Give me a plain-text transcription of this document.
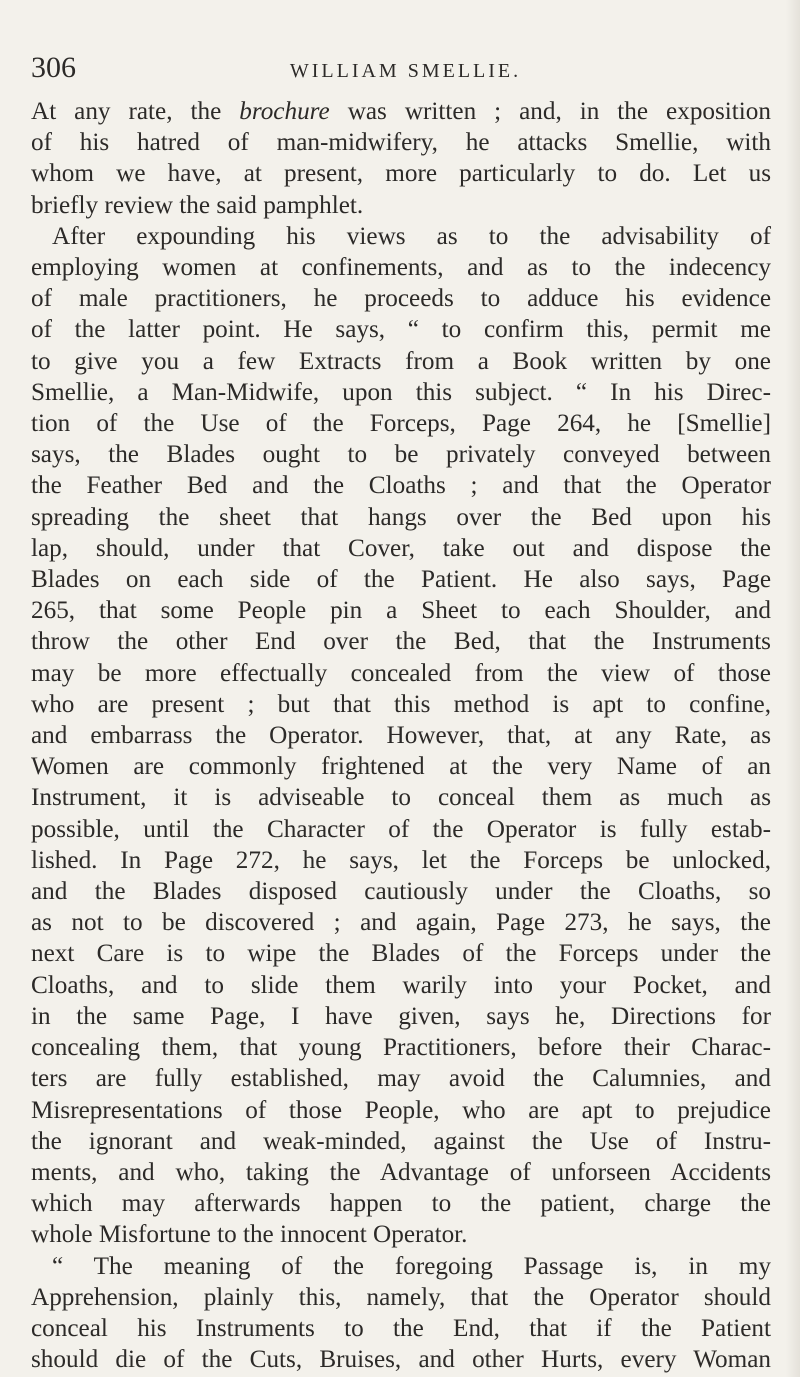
306	WILLIAM SMELLIE.
At any rate, the brochure was written ; and, in the exposition
of his hatred of man-midwifery, he attacks Smellie, with
whom we have, at present, more particularly to do. Let us
briefly review the said pamphlet.
After expounding his views as to the advisability of
employing women at confinements, and as to the indecency
of male practitioners, he proceeds to adduce his evidence
of the latter point. He says, “ to confirm this, permit me
to give you a few Extracts from a Book written by one
Smellie, a Man-Midwife, upon this subject. “ In his Direc-
tion of the Use of the Forceps, Page 264, he [Smellie]
says, the Blades ought to be privately conveyed between
the Feather Bed and the Cloaths ; and that the Operator
spreading the sheet that hangs over the Bed upon his
lap, should, under that Cover, take out and dispose the
Blades on each side of the Patient. He also says, Page
265, that some People pin a Sheet to each Shoulder, and
throw the other End over the Bed, that the Instruments
may be more effectually concealed from the view of those
who are present ; but that this method is apt to confine,
and embarrass the Operator. However, that, at any Rate, as
Women are commonly frightened at the very Name of an
Instrument, it is adviseable to conceal them as much as
possible, until the Character of the Operator is fully estab-
lished. In Page 272, he says, let the Forceps be unlocked,
and the Blades disposed cautiously under the Cloaths, so
as not to be discovered ; and again, Page 273, he says, the
next Care is to wipe the Blades of the Forceps under the
Cloaths, and to slide them warily into your Pocket, and
in the same Page, I have given, says he, Directions for
concealing them, that young Practitioners, before their Charac-
ters are fully established, may avoid the Calumnies, and
Misrepresentations of those People, who are apt to prejudice
the ignorant and weak-minded, against the Use of Instru-
ments, and who, taking the Advantage of unforseen Accidents
which may afterwards happen to the patient, charge the
whole Misfortune to the innocent Operator.
“ The meaning of the foregoing Passage is, in my
Apprehension, plainly this, namely, that the Operator should
conceal his Instruments to the End, that if the Patient
should die of the Cuts, Bruises, and other Hurts, every Woman
